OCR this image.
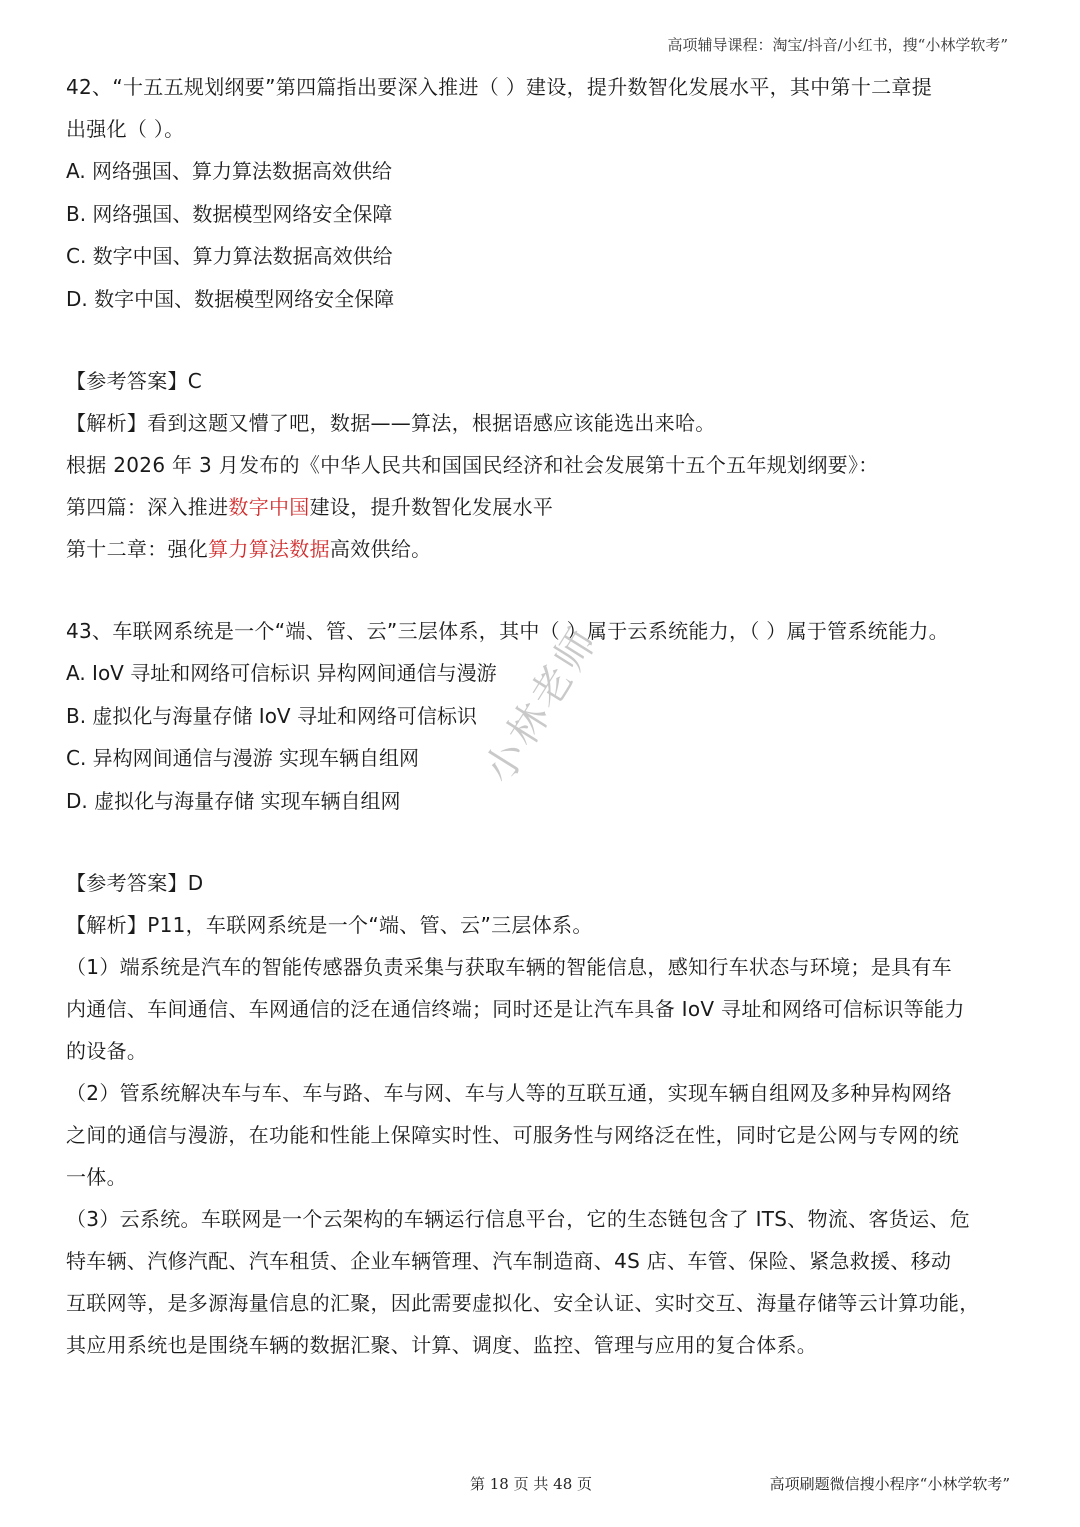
高项辅导课程：淘宝/抖音/小红书，搜“小林学软考”
42、“十五五规划纲要”第四篇指出要深入推进（ ）建设，提升数智化发展水平，其中第十二章提
出强化（ ）。
A. 网络强国、算力算法数据高效供给
B. 网络强国、数据模型网络安全保障
C. 数字中国、算力算法数据高效供给
D. 数字中国、数据模型网络安全保障
【参考答案】C
【解析】看到这题又懵了吧，数据——算法，根据语感应该能选出来哈。
根据 2026 年 3 月发布的《中华人民共和国国民经济和社会发展第十五个五年规划纲要》：
第四篇：深入推进数字中国建设，提升数智化发展水平
第十二章：强化算力算法数据高效供给。
43、车联网系统是一个“端、管、云”三层体系，其中（ ）属于云系统能力，（ ）属于管系统能力。
A. IoV 寻址和网络可信标识 异构网间通信与漫游
B. 虚拟化与海量存储 IoV 寻址和网络可信标识
C. 异构网间通信与漫游 实现车辆自组网
D. 虚拟化与海量存储 实现车辆自组网
【参考答案】D
【解析】P11，车联网系统是一个“端、管、云”三层体系。
（1）端系统是汽车的智能传感器负责采集与获取车辆的智能信息，感知行车状态与环境；是具有车
内通信、车间通信、车网通信的泛在通信终端；同时还是让汽车具备 IoV 寻址和网络可信标识等能力
的设备。
（2）管系统解决车与车、车与路、车与网、车与人等的互联互通，实现车辆自组网及多种异构网络
之间的通信与漫游，在功能和性能上保障实时性、可服务性与网络泛在性，同时它是公网与专网的统
一体。
（3）云系统。车联网是一个云架构的车辆运行信息平台，它的生态链包含了 ITS、物流、客货运、危
特车辆、汽修汽配、汽车租赁、企业车辆管理、汽车制造商、4S 店、车管、保险、紧急救援、移动
互联网等，是多源海量信息的汇聚，因此需要虚拟化、安全认证、实时交互、海量存储等云计算功能，
其应用系统也是围绕车辆的数据汇聚、计算、调度、监控、管理与应用的复合体系。
小林老师
第 18 页 共 48 页	高项刷题微信搜小程序“小林学软考”
